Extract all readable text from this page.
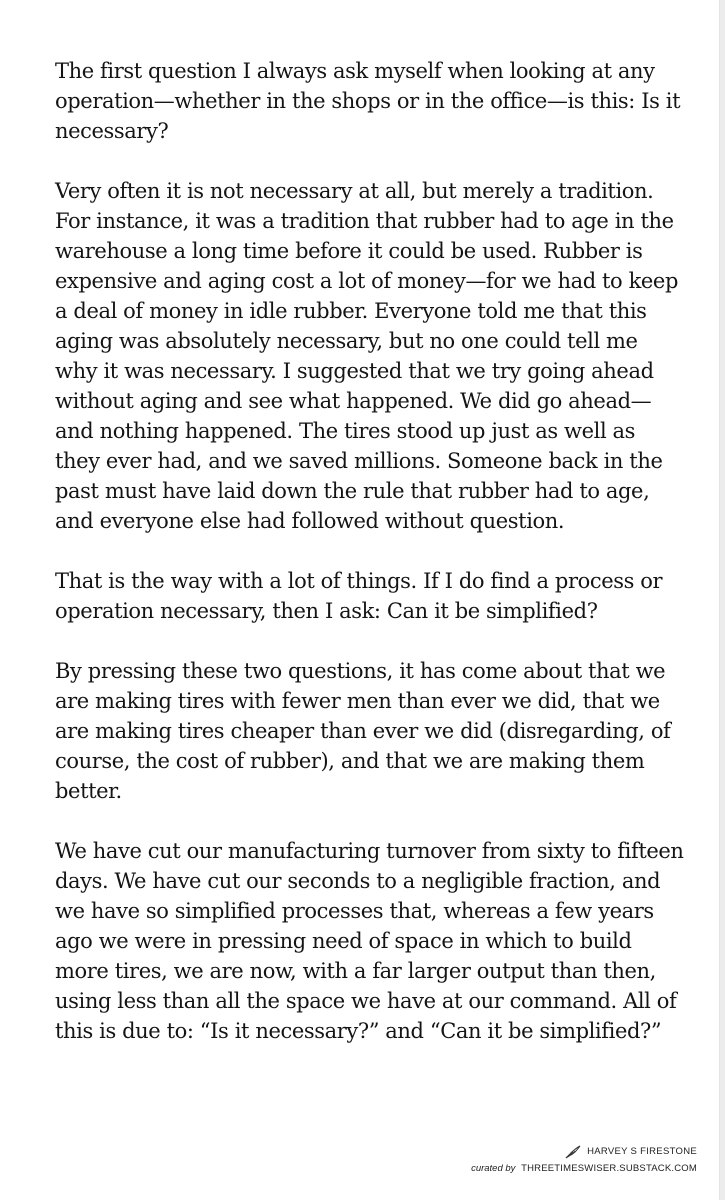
The first question I always ask myself when looking at any operation—whether in the shops or in the office—is this: Is it necessary?

Very often it is not necessary at all, but merely a tradition. For instance, it was a tradition that rubber had to age in the warehouse a long time before it could be used. Rubber is expensive and aging cost a lot of money—for we had to keep a deal of money in idle rubber. Everyone told me that this aging was absolutely necessary, but no one could tell me why it was necessary. I suggested that we try going ahead without aging and see what happened. We did go ahead—and nothing happened. The tires stood up just as well as they ever had, and we saved millions. Someone back in the past must have laid down the rule that rubber had to age, and everyone else had followed without question.

That is the way with a lot of things. If I do find a process or operation necessary, then I ask: Can it be simplified?

By pressing these two questions, it has come about that we are making tires with fewer men than ever we did, that we are making tires cheaper than ever we did (disregarding, of course, the cost of rubber), and that we are making them better.

We have cut our manufacturing turnover from sixty to fifteen days. We have cut our seconds to a negligible fraction, and we have so simplified processes that, whereas a few years ago we were in pressing need of space in which to build more tires, we are now, with a far larger output than then, using less than all the space we have at our command. All of this is due to: “Is it necessary?” and “Can it be simplified?”

HARVEY S FIRESTONE
curated by THREETIMESWISER.SUBSTACK.COM
